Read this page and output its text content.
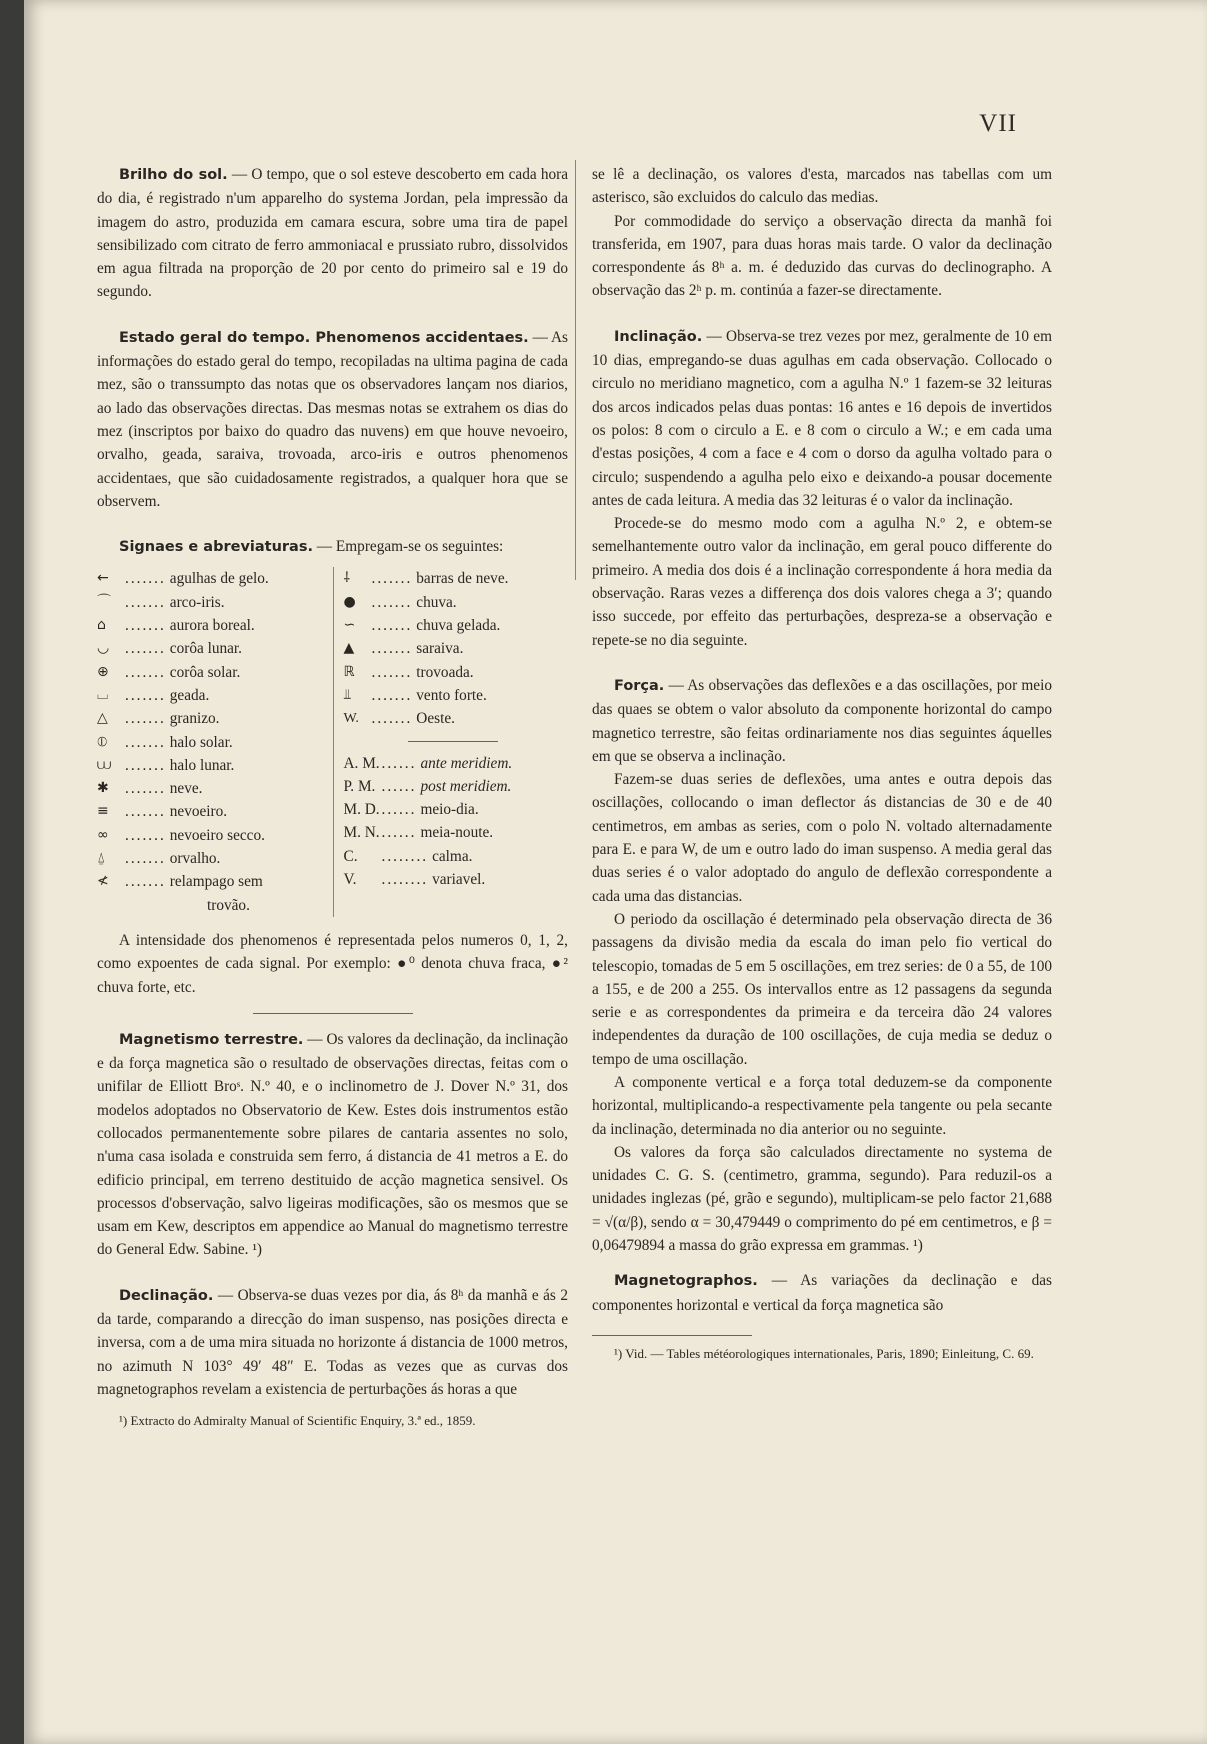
VII

Brilho do sol. — O tempo, que o sol esteve descoberto em cada hora do dia, é registrado n'um apparelho do systema Jordan, pela impressão da imagem do astro, produzida em camara escura, sobre uma tira de papel sensibilizado com citrato de ferro ammoniacal e prussiato rubro, dissolvidos em agua filtrada na proporção de 20 por cento do primeiro sal e 19 do segundo.

Estado geral do tempo. Phenomenos accidentaes. — As informações do estado geral do tempo, recopiladas na ultima pagina de cada mez, são o transsumpto das notas que os observadores lançam nos diarios, ao lado das observações directas. Das mesmas notas se extrahem os dias do mez (inscriptos por baixo do quadro das nuvens) em que houve nevoeiro, orvalho, geada, saraiva, trovoada, arco-iris e outros phenomenos accidentaes, que são cuidadosamente registrados, a qualquer hora que se observem.

Signaes e abreviaturas. — Empregam-se os seguintes:

←	....... agulhas de gelo.
⌒ ....... arco-iris.
⌂	....... aurora boreal.
◡	....... corôa lunar.
⊕	....... corôa solar.
⌴	....... geada.
△	....... granizo.
⦶	....... halo solar.
⩊ ....... halo lunar.
✱	....... neve.
≡	....... nevoeiro.
∞	....... nevoeiro secco.
⍙	....... orvalho.
≮	....... relampago sem
trovão.
⸸	....... barras de neve.
●	....... chuva.
∽	....... chuva gelada.
▲	....... saraiva.
ℝ	....... trovoada.
⫫	....... vento forte.
W. ....... Oeste.
A. M. ...... ante meridiem.
P. M. ...... post meridiem.
M. D. ...... meio-dia.
M. N. ...... meia-noute.
C.	........ calma.
V.	........ variavel.

A intensidade dos phenomenos é representada pelos numeros 0, 1, 2, como expoentes de cada signal. Por exemplo: ●⁰ denota chuva fraca, ●² chuva forte, etc.

Magnetismo terrestre. — Os valores da declinação, da inclinação e da força magnetica são o resultado de observações directas, feitas com o unifilar de Elliott Broˢ. N.º 40, e o inclinometro de J. Dover N.º 31, dos modelos adoptados no Observatorio de Kew. Estes dois instrumentos estão collocados permanentemente sobre pilares de cantaria assentes no solo, n'uma casa isolada e construida sem ferro, á distancia de 41 metros a E. do edificio principal, em terreno destituido de acção magnetica sensivel. Os processos d'observação, salvo ligeiras modificações, são os mesmos que se usam em Kew, descriptos em appendice ao Manual do magnetismo terrestre do General Edw. Sabine. ¹)

Declinação. — Observa-se duas vezes por dia, ás 8ʰ da manhã e ás 2 da tarde, comparando a direcção do iman suspenso, nas posições directa e inversa, com a de uma mira situada no horizonte á distancia de 1000 metros, no azimuth N 103° 49′ 48″ E. Todas as vezes que as curvas dos magnetographos revelam a existencia de perturbações ás horas a que

¹) Extracto do Admiralty Manual of Scientific Enquiry, 3.ª ed., 1859.

se lê a declinação, os valores d'esta, marcados nas tabellas com um asterisco, são excluidos do calculo das medias.

Por commodidade do serviço a observação directa da manhã foi transferida, em 1907, para duas horas mais tarde. O valor da declinação correspondente ás 8ʰ a. m. é deduzido das curvas do declinographo. A observação das 2ʰ p. m. continúa a fazer-se directamente.

Inclinação. — Observa-se trez vezes por mez, geralmente de 10 em 10 dias, empregando-se duas agulhas em cada observação. Collocado o circulo no meridiano magnetico, com a agulha N.º 1 fazem-se 32 leituras dos arcos indicados pelas duas pontas: 16 antes e 16 depois de invertidos os polos: 8 com o circulo a E. e 8 com o circulo a W.; e em cada uma d'estas posições, 4 com a face e 4 com o dorso da agulha voltado para o circulo; suspendendo a agulha pelo eixo e deixando-a pousar docemente antes de cada leitura. A media das 32 leituras é o valor da inclinação.

Procede-se do mesmo modo com a agulha N.º 2, e obtem-se semelhantemente outro valor da inclinação, em geral pouco differente do primeiro. A media dos dois é a inclinação correspondente á hora media da observação. Raras vezes a differença dos dois valores chega a 3′; quando isso succede, por effeito das perturbações, despreza-se a observação e repete-se no dia seguinte.

Força. — As observações das deflexões e a das oscillações, por meio das quaes se obtem o valor absoluto da componente horizontal do campo magnetico terrestre, são feitas ordinariamente nos dias seguintes áquelles em que se observa a inclinação.

Fazem-se duas series de deflexões, uma antes e outra depois das oscillações, collocando o iman deflector ás distancias de 30 e de 40 centimetros, em ambas as series, com o polo N. voltado alternadamente para E. e para W, de um e outro lado do iman suspenso. A media geral das duas series é o valor adoptado do angulo de deflexão correspondente a cada uma das distancias.

O periodo da oscillação é determinado pela observação directa de 36 passagens da divisão media da escala do iman pelo fio vertical do telescopio, tomadas de 5 em 5 oscillações, em trez series: de 0 a 55, de 100 a 155, e de 200 a 255. Os intervallos entre as 12 passagens da segunda serie e as correspondentes da primeira e da terceira dão 24 valores independentes da duração de 100 oscillações, de cuja media se deduz o tempo de uma oscillação.

A componente vertical e a força total deduzem-se da componente horizontal, multiplicando-a respectivamente pela tangente ou pela secante da inclinação, determinada no dia anterior ou no seguinte.

Os valores da força são calculados directamente no systema de unidades C. G. S. (centimetro, gramma, segundo). Para reduzil-os a unidades inglezas (pé, grão e segundo), multiplicam-se pelo factor 21,688 = √(α/β), sendo α = 30,479449 o comprimento do pé em centimetros, e β = 0,06479894 a massa do grão expressa em grammas. ¹)

Magnetographos. — As variações da declinação e das componentes horizontal e vertical da força magnetica são

¹) Vid. — Tables météorologiques internationales, Paris, 1890; Einleitung, C. 69.
